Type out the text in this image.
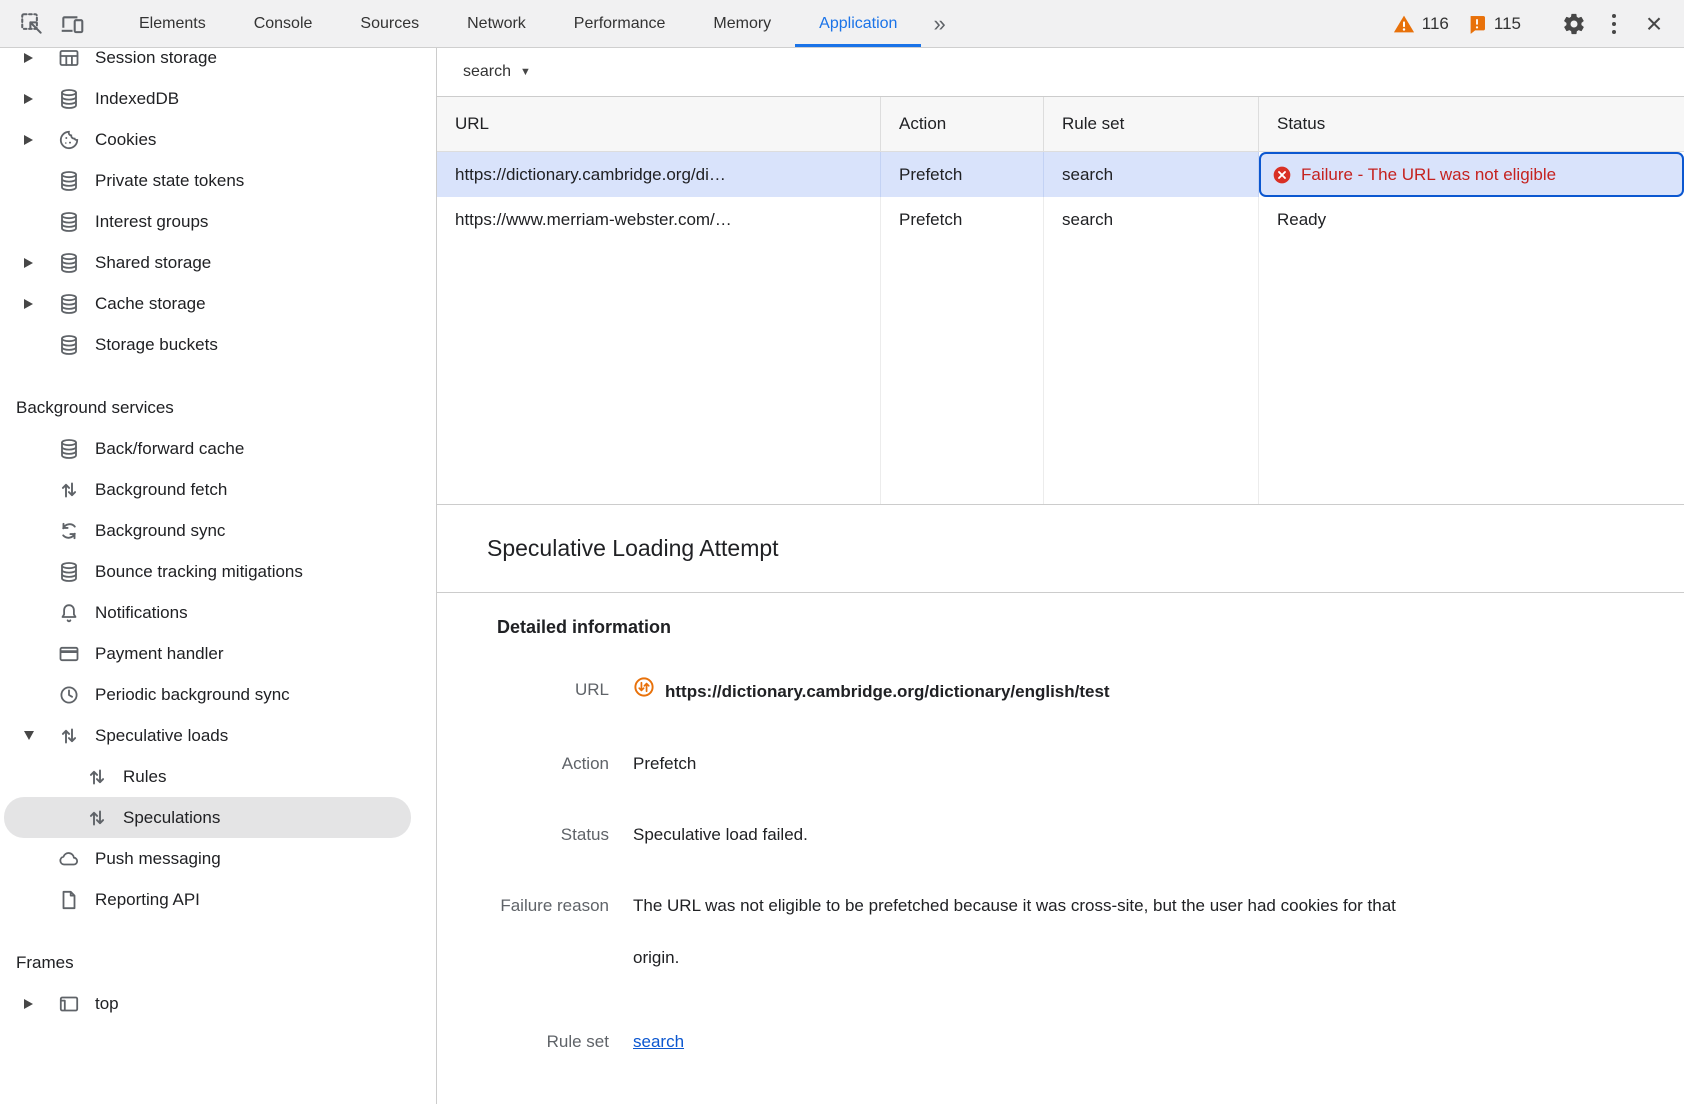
Elements	Console	Sources	Network	Performance	Memory	Application	»	116	115	×
Session storage
IndexedDB
Cookies
Private state tokens
Interest groups
Shared storage
Cache storage
Storage buckets
Background services
Back/forward cache
Background fetch
Background sync
Bounce tracking mitigations
Notifications
Payment handler
Periodic background sync
Speculative loads
Rules
Speculations
Push messaging
Reporting API
Frames
top
search ▼
URL	Action	Rule set	Status
https://dictionary.cambridge.org/di…	Prefetch	search	Failure - The URL was not eligible
https://www.merriam-webster.com/…	Prefetch	search	Ready
Speculative Loading Attempt
Detailed information
URL	https://dictionary.cambridge.org/dictionary/english/test
Action Prefetch
Status Speculative load failed.
Failure reason The URL was not eligible to be prefetched because it was cross-site, but the user had cookies for that origin.
Rule set search
